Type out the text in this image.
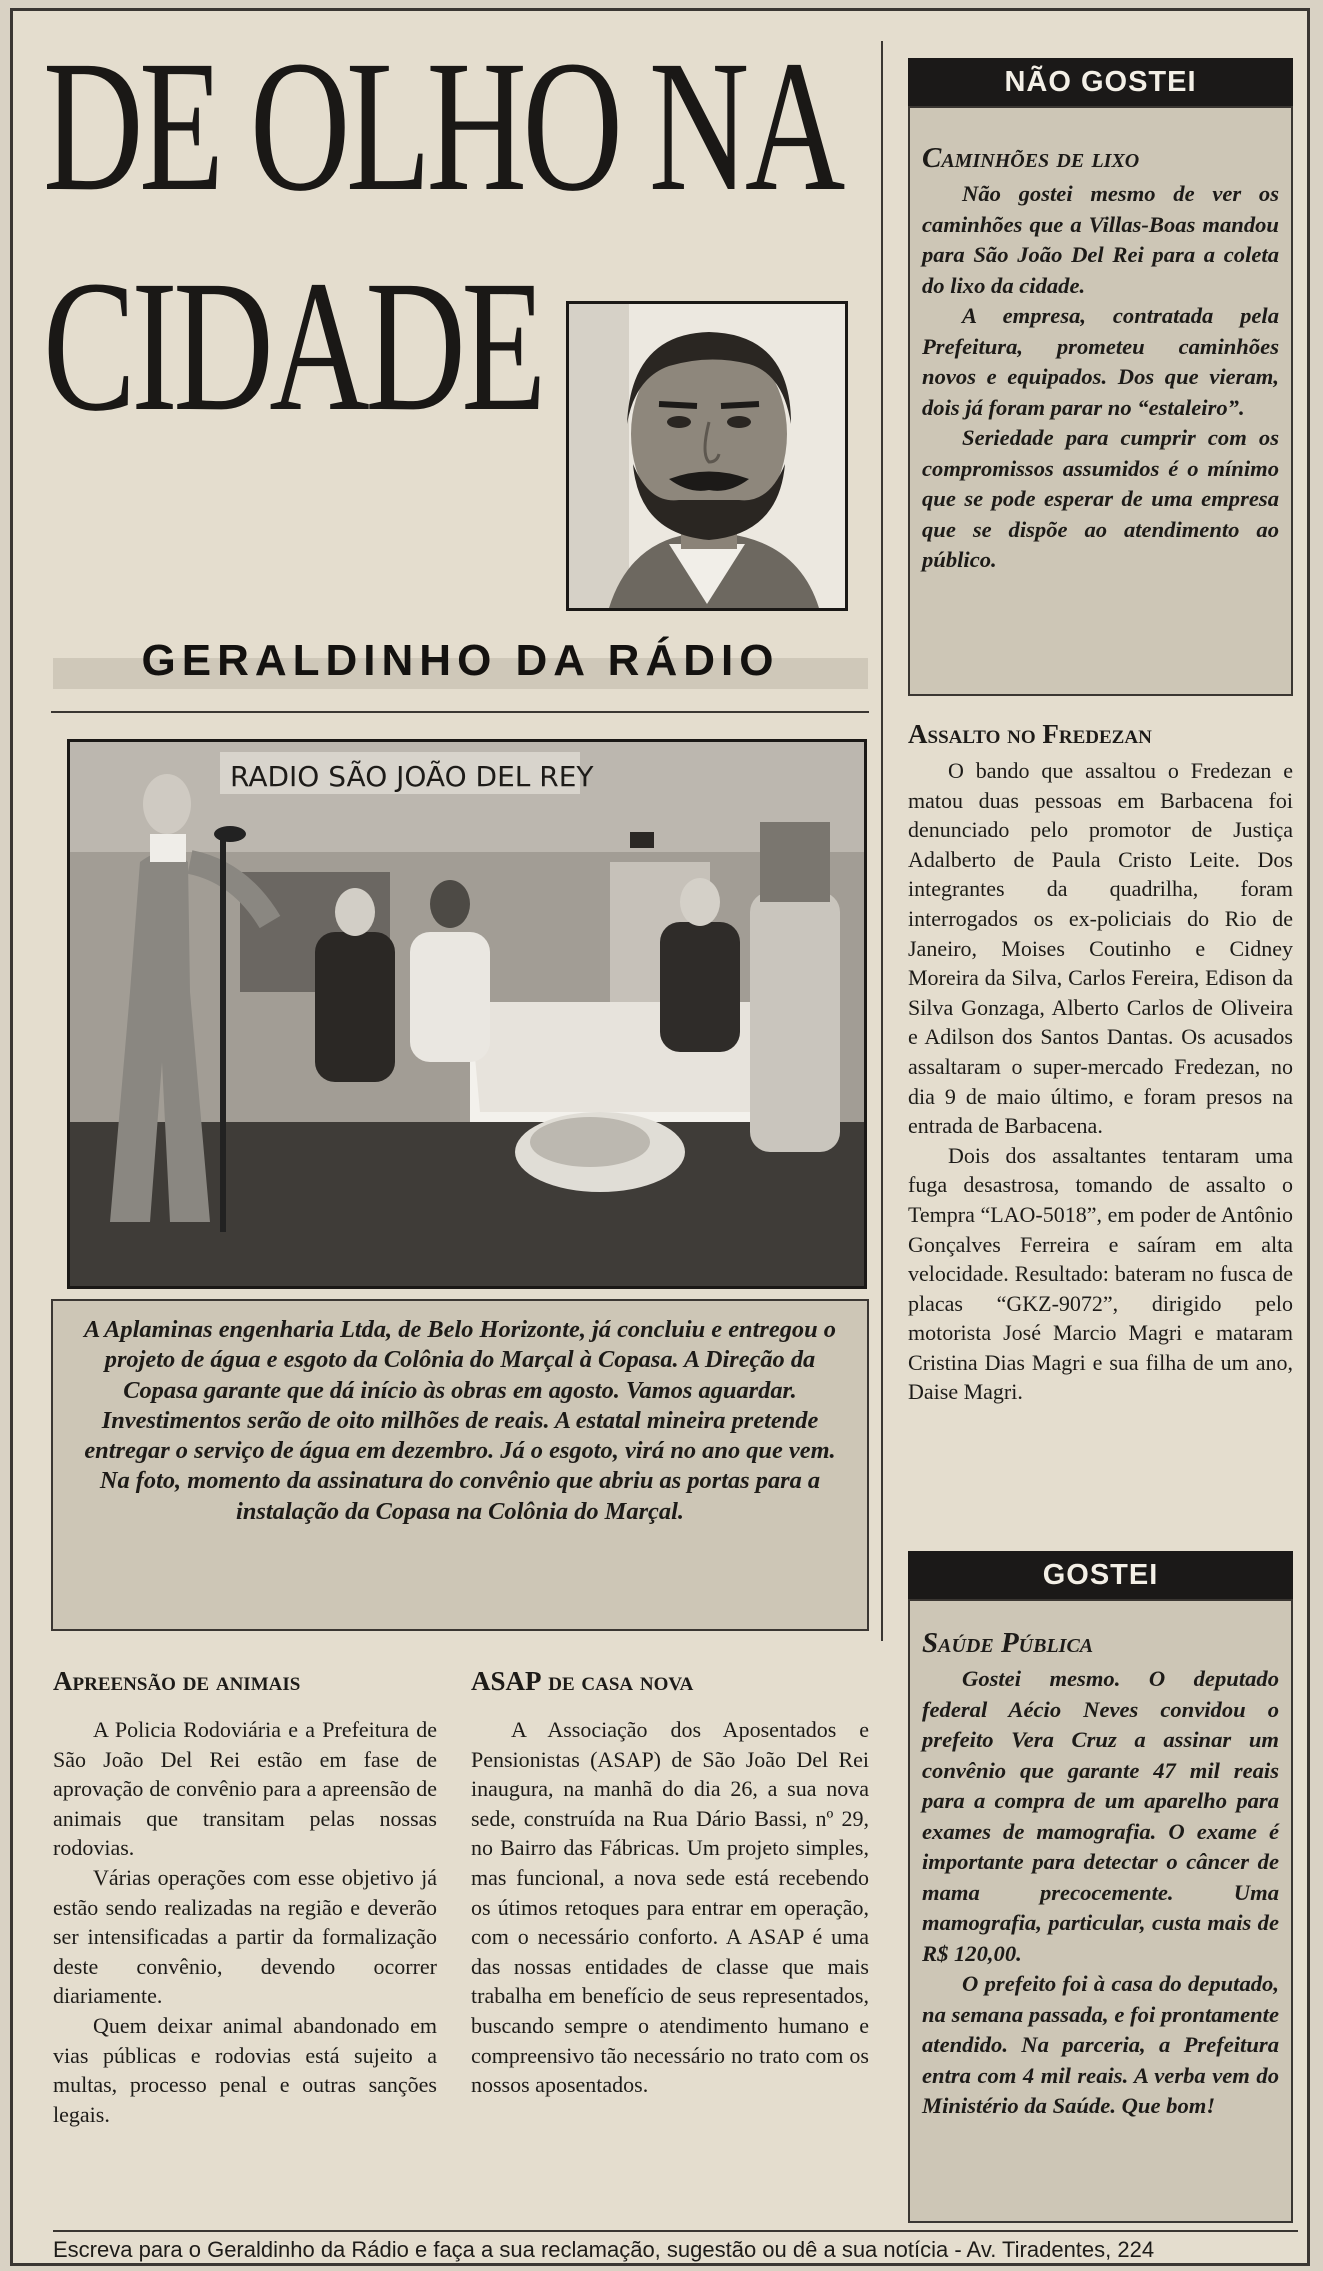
DE OLHO NA
CIDADE
GERALDINHO DA RÁDIO
NÃO GOSTEI
Caminhões de lixo

Não gostei mesmo de ver os caminhões que a Villas-Boas mandou para São João Del Rei para a coleta do lixo da cidade.

A empresa, contratada pela Prefeitura, prometeu caminhões novos e equipados. Dos que vieram, dois já foram parar no “estaleiro”.

Seriedade para cumprir com os compromissos assumidos é o mínimo que se pode esperar de uma empresa que se dispõe ao atendimento ao público.

RADIO SÃO JOÃO DEL REY

A Aplaminas engenharia Ltda, de Belo Horizonte, já concluiu e entregou o projeto de água e esgoto da Colônia do Marçal à Copasa. A Direção da Copasa garante que dá início às obras em agosto. Vamos aguardar. Investimentos serão de oito milhões de reais. A estatal mineira pretende entregar o serviço de água em dezembro. Já o esgoto, virá no ano que vem. Na foto, momento da assinatura do convênio que abriu as portas para a instalação da Copasa na Colônia do Marçal.

Assalto no Fredezan

O bando que assaltou o Fredezan e matou duas pessoas em Barbacena foi denunciado pelo promotor de Justiça Adalberto de Paula Cristo Leite. Dos integrantes da quadrilha, foram interrogados os ex-policiais do Rio de Janeiro, Moises Coutinho e Cidney Moreira da Silva, Carlos Fereira, Edison da Silva Gonzaga, Alberto Carlos de Oliveira e Adilson dos Santos Dantas. Os acusados assaltaram o super-mercado Fredezan, no dia 9 de maio último, e foram presos na entrada de Barbacena.

Dois dos assaltantes tentaram uma fuga desastrosa, tomando de assalto o Tempra “LAO-5018”, em poder de Antônio Gonçalves Ferreira e saíram em alta velocidade. Resultado: bateram no fusca de placas “GKZ-9072”, dirigido pelo motorista José Marcio Magri e mataram Cristina Dias Magri e sua filha de um ano, Daise Magri.

GOSTEI
Saúde Pública

Gostei mesmo. O deputado federal Aécio Neves convidou o prefeito Vera Cruz a assinar um convênio que garante 47 mil reais para a compra de um aparelho para exames de mamografia. O exame é importante para detectar o câncer de mama precocemente. Uma mamografia, particular, custa mais de R$ 120,00.

O prefeito foi à casa do deputado, na semana passada, e foi prontamente atendido. Na parceria, a Prefeitura entra com 4 mil reais. A verba vem do Ministério da Saúde. Que bom!

Apreensão de animais

A Policia Rodoviária e a Prefeitura de São João Del Rei estão em fase de aprovação de convênio para a apreensão de animais que transitam pelas nossas rodovias.

Várias operações com esse objetivo já estão sendo realizadas na região e deverão ser intensificadas a partir da formalização deste convênio, devendo ocorrer diariamente.

Quem deixar animal abandonado em vias públicas e rodovias está sujeito a multas, processo penal e outras sanções legais.

ASAP de casa nova

A Associação dos Aposentados e Pensionistas (ASAP) de São João Del Rei inaugura, na manhã do dia 26, a sua nova sede, construída na Rua Dário Bassi, nº 29, no Bairro das Fábricas. Um projeto simples, mas funcional, a nova sede está recebendo os útimos retoques para entrar em operação, com o necessário conforto. A ASAP é uma das nossas entidades de classe que mais trabalha em benefício de seus representados, buscando sempre o atendimento humano e compreensivo tão necessário no trato com os nossos aposentados.

Escreva para o Geraldinho da Rádio e faça a sua reclamação, sugestão ou dê a sua notícia - Av. Tiradentes, 224
